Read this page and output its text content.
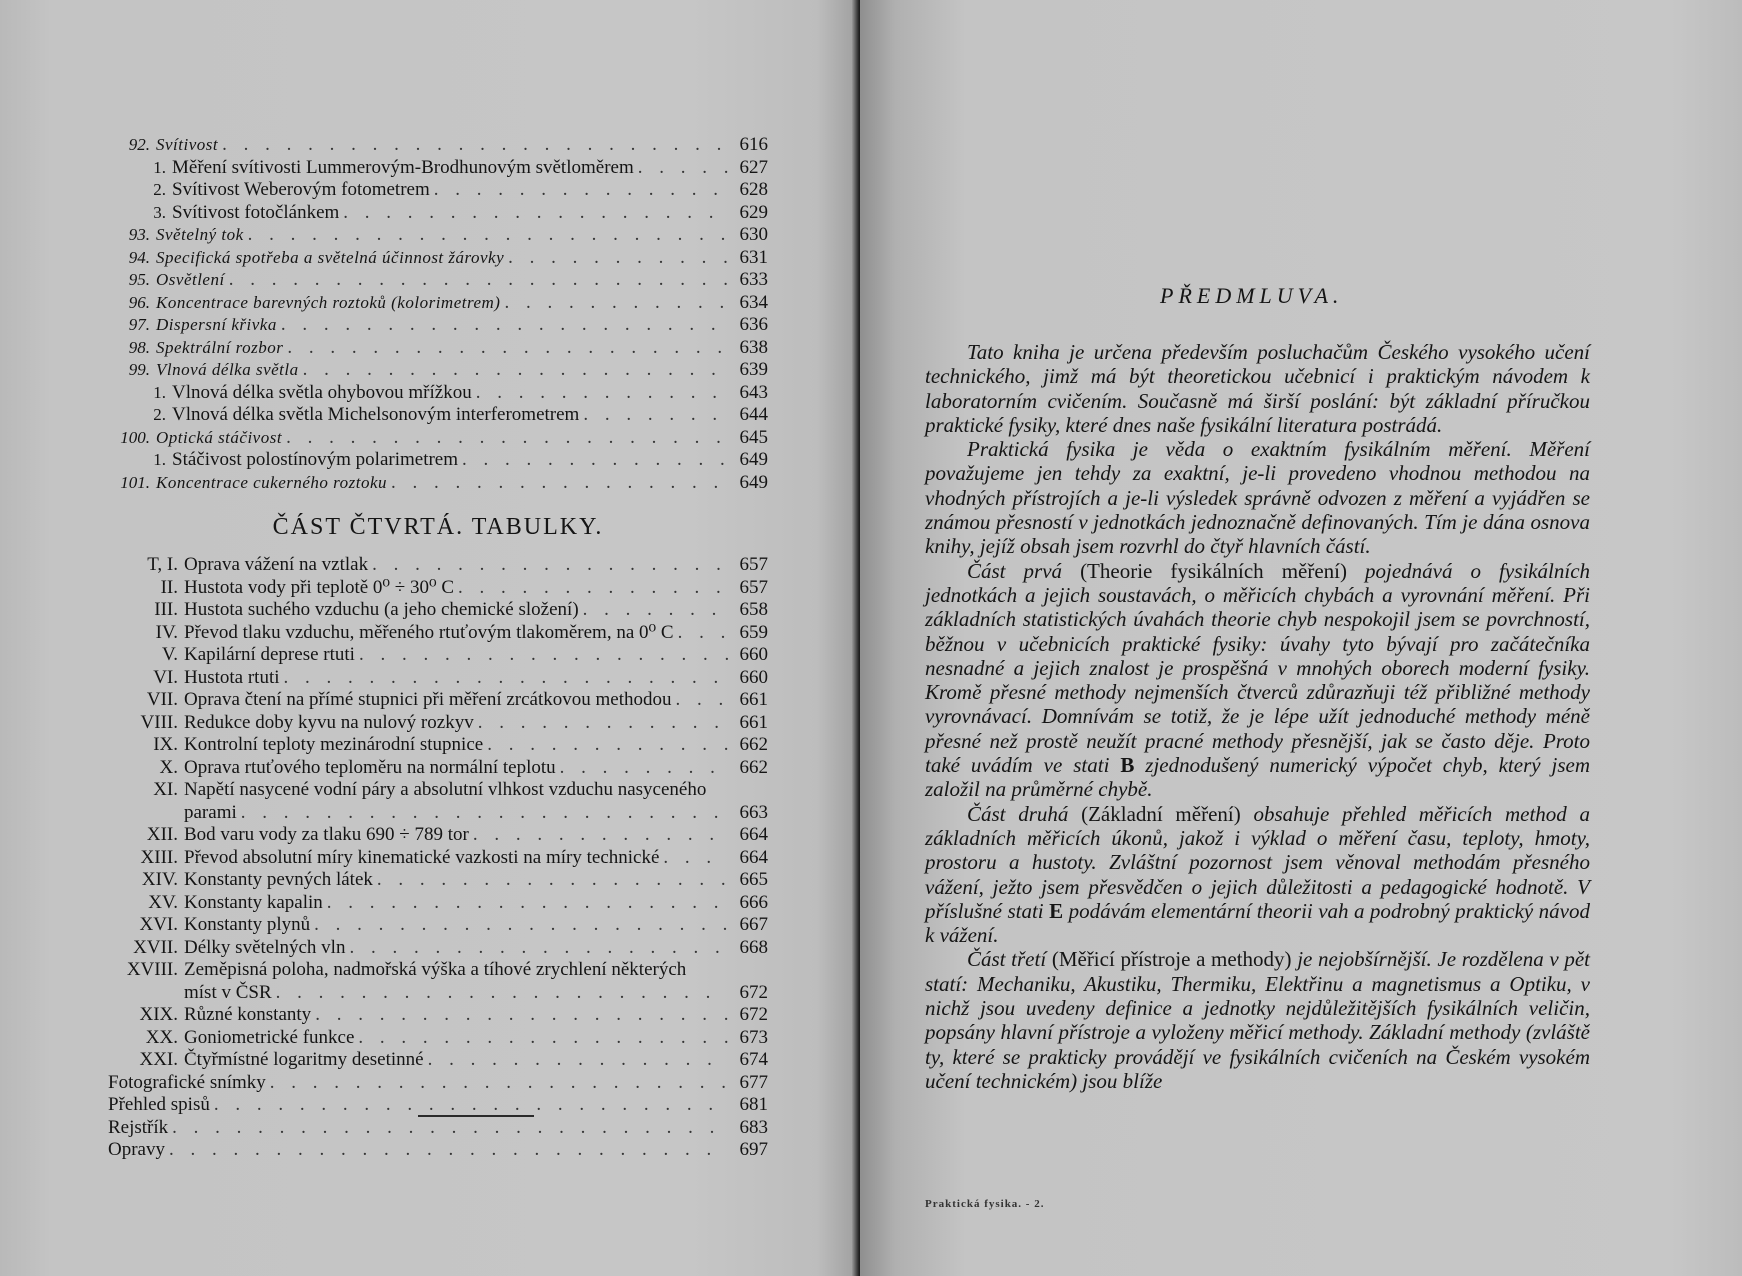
92. Svítivost . . .	616
1. Měření svítivosti Lummerovým-Brodhunovým světloměrem . . .	627
2. Svítivost Weberovým fotometrem . . .	628
3. Svítivost fotočlánkem . . .	629
93. Světelný tok . . .	630
94. Specifická spotřeba a světelná účinnost žárovky . . .	631
95. Osvětlení . . .	633
96. Koncentrace barevných roztoků (kolorimetrem) . . .	634
97. Dispersní křivka . . .	636
98. Spektrální rozbor . . .	638
99. Vlnová délka světla . . .	639
1. Vlnová délka světla ohybovou mřížkou . . .	643
2. Vlnová délka světla Michelsonovým interferometrem . . .	644
100. Optická stáčivost . . .	645
1. Stáčivost polostínovým polarimetrem . . .	649
101. Koncentrace cukerného roztoku . . .	649
ČÁST ČTVRTÁ. TABULKY.
T, I. Oprava vážení na vztlak . . .	657
II. Hustota vody při teplotě 0⁰ ÷ 30⁰ C . . .	657
III. Hustota suchého vzduchu (a jeho chemické složení) . . .	658
IV. Převod tlaku vzduchu, měřeného rtuťovým tlakoměrem, na 0⁰ C . . .	659
V. Kapilární deprese rtuti . . .	660
VI. Hustota rtuti . . .	660
VII. Oprava čtení na přímé stupnici při měření zrcátkovou methodou . . .	661
VIII. Redukce doby kyvu na nulový rozkyv . . .	661
IX. Kontrolní teploty mezinárodní stupnice . . .	662
X. Oprava rtuťového teploměru na normální teplotu . . .	662
XI. Napětí nasycené vodní páry a absolutní vlhkost vzduchu nasyceného
parami . . .	663
XII. Bod varu vody za tlaku 690 ÷ 789 tor . . .	664
XIII. Převod absolutní míry kinematické vazkosti na míry technické . . .	664
XIV. Konstanty pevných látek . . .	665
XV. Konstanty kapalin . . .	666
XVI. Konstanty plynů . . .	667
XVII. Délky světelných vln . . .	668
XVIII. Zeměpisná poloha, nadmořská výška a tíhové zrychlení některých
míst v ČSR . . .	672
XIX. Různé konstanty . . .	672
XX. Goniometrické funkce . . .	673
XXI. Čtyřmístné logaritmy desetinné . . .	674
Fotografické snímky . . .	677
Přehled spisů . . .	681
Rejstřík . . .	683
Opravy . . .	697
PŘEDMLUVA.

Tato kniha je určena především posluchačům Českého vysokého učení technického, jimž má být theoretickou učebnicí i praktickým návodem k laboratorním cvičením. Současně má širší poslání: být základní příručkou praktické fysiky, které dnes naše fysikální literatura postrádá.

Praktická fysika je věda o exaktním fysikálním měření. Měření považujeme jen tehdy za exaktní, je-li provedeno vhodnou methodou na vhodných přístrojích a je-li výsledek správně odvozen z měření a vyjádřen se známou přesností v jednotkách jednoznačně definovaných. Tím je dána osnova knihy, jejíž obsah jsem rozvrhl do čtyř hlavních částí.

Část prvá (Theorie fysikálních měření) pojednává o fysikálních jednotkách a jejich soustavách, o měřicích chybách a vyrovnání měření. Při základních statistických úvahách theorie chyb nespokojil jsem se povrchností, běžnou v učebnicích praktické fysiky: úvahy tyto bývají pro začátečníka nesnadné a jejich znalost je prospěšná v mnohých oborech moderní fysiky. Kromě přesné methody nejmenších čtverců zdůrazňuji též přibližné methody vyrovnávací. Domnívám se totiž, že je lépe užít jednoduché methody méně přesné než prostě neužít pracné methody přesnější, jak se často děje. Proto také uvádím ve stati B zjednodušený numerický výpočet chyb, který jsem založil na průměrné chybě.

Část druhá (Základní měření) obsahuje přehled měřicích method a základních měřicích úkonů, jakož i výklad o měření času, teploty, hmoty, prostoru a hustoty. Zvláštní pozornost jsem věnoval methodám přesného vážení, ježto jsem přesvědčen o jejich důležitosti a pedagogické hodnotě. V příslušné stati E podávám elementární theorii vah a podrobný praktický návod k vážení.

Část třetí (Měřicí přístroje a methody) je nejobšírnější. Je rozdělena v pět statí: Mechaniku, Akustiku, Thermiku, Elektřinu a magnetismus a Optiku, v nichž jsou uvedeny definice a jednotky nejdůležitějších fysikálních veličin, popsány hlavní přístroje a vyloženy měřicí methody. Základní methody (zvláště ty, které se prakticky provádějí ve fysikálních cvičeních na Českém vysokém učení technickém) jsou blíže

Praktická fysika. - 2.
